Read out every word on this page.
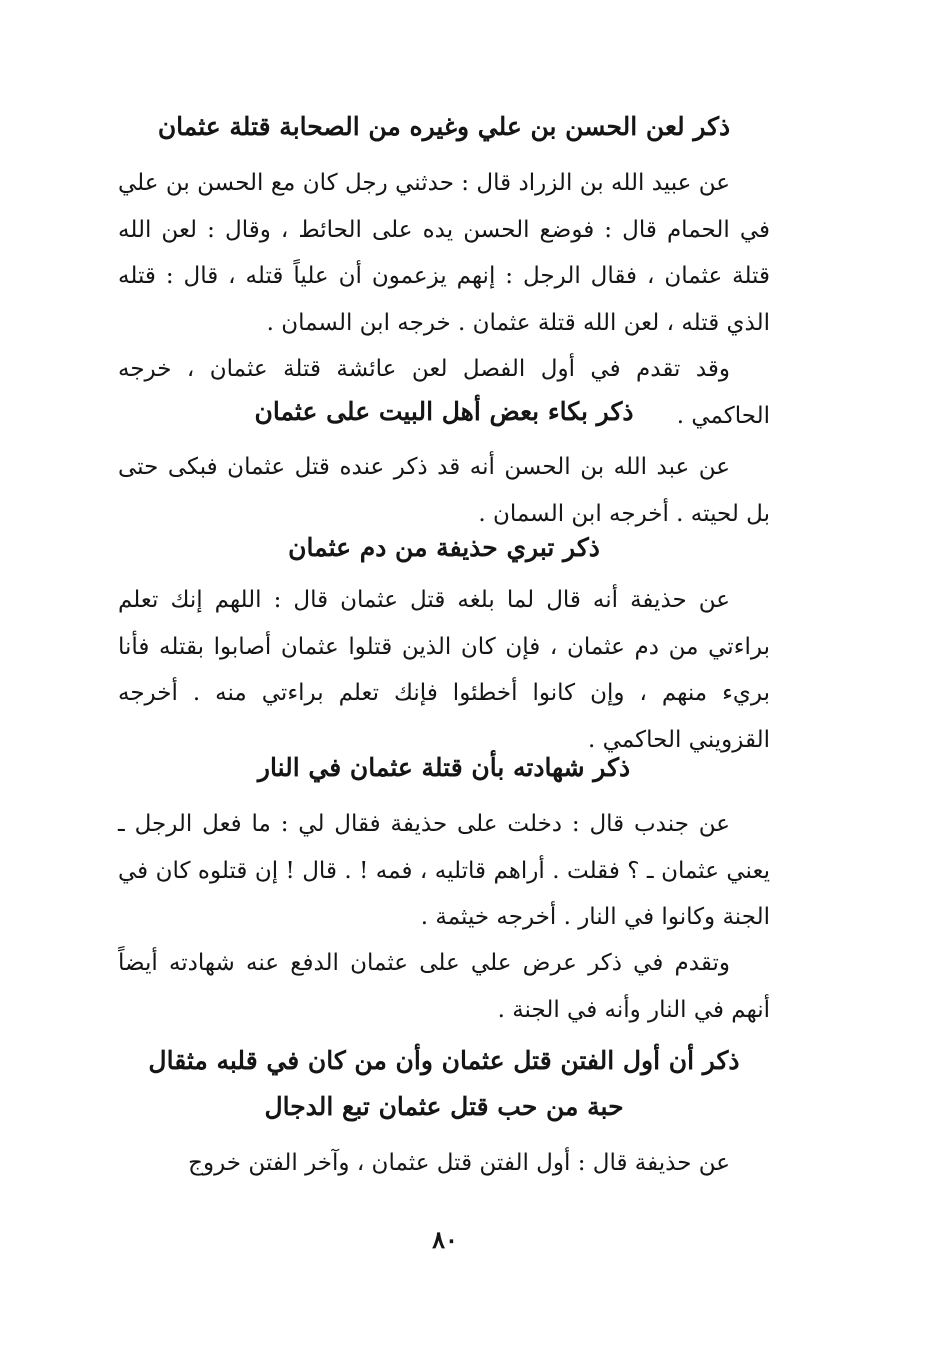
ذكر لعن الحسن بن علي وغيره من الصحابة قتلة عثمان

عن عبيد الله بن الزراد قال : حدثني رجل كان مع الحسن بن علي في الحمام قال : فوضع الحسن يده على الحائط ، وقال : لعن الله قتلة عثمان ، فقال الرجل : إنهم يزعمون أن علياً قتله ، قال : قتله الذي قتله ، لعن الله قتلة عثمان . خرجه ابن السمان .

وقد تقدم في أول الفصل لعن عائشة قتلة عثمان ، خرجه الحاكمي .

ذكر بكاء بعض أهل البيت على عثمان

عن عبد الله بن الحسن أنه قد ذكر عنده قتل عثمان فبكى حتى بل لحيته . أخرجه ابن السمان .

ذكر تبري حذيفة من دم عثمان

عن حذيفة أنه قال لما بلغه قتل عثمان قال : اللهم إنك تعلم براءتي من دم عثمان ، فإن كان الذين قتلوا عثمان أصابوا بقتله فأنا بريء منهم ، وإن كانوا أخطئوا فإنك تعلم براءتي منه . أخرجه القزويني الحاكمي .

ذكر شهادته بأن قتلة عثمان في النار

عن جندب قال : دخلت على حذيفة فقال لي : ما فعل الرجل ـ يعني عثمان ـ ؟ فقلت . أراهم قاتليه ، فمه ! . قال ! إن قتلوه كان في الجنة وكانوا في النار . أخرجه خيثمة .

وتقدم في ذكر عرض علي على عثمان الدفع عنه شهادته أيضاً أنهم في النار وأنه في الجنة .

ذكر أن أول الفتن قتل عثمان وأن من كان في قلبه مثقال
حبة من حب قتل عثمان تبع الدجال

عن حذيفة قال : أول الفتن قتل عثمان ، وآخر الفتن خروج

٨٠
